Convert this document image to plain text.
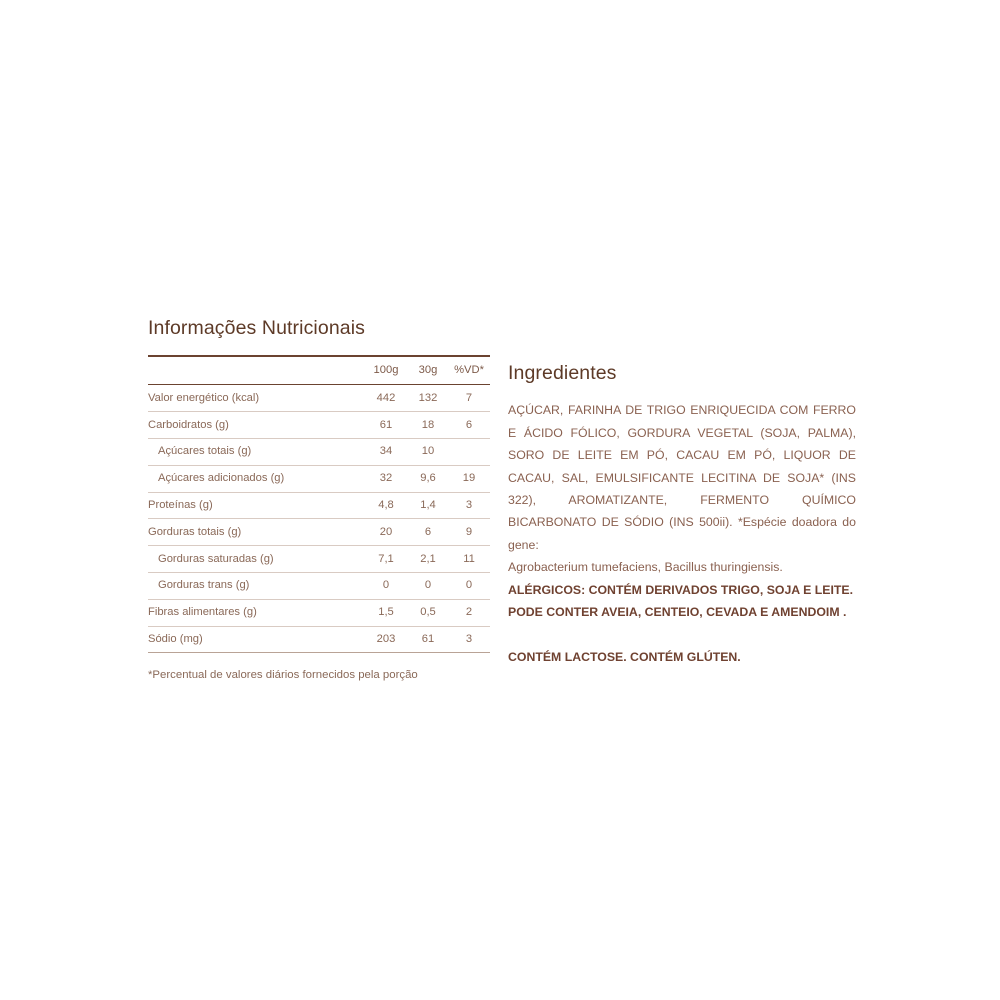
Informações Nutricionais
	100g	30g	%VD*
Valor energético (kcal)	442	132	7
Carboidratos (g)	61	18	6
Açúcares totais (g)	34	10	
Açúcares adicionados (g)	32	9,6	19
Proteínas (g)	4,8	1,4	3
Gorduras totais (g)	20	6	9
Gorduras saturadas (g)	7,1	2,1	11
Gorduras trans (g)	0	0	0
Fibras alimentares (g)	1,5	0,5	2
Sódio (mg)	203	61	3
*Percentual de valores diários fornecidos pela porção
Ingredientes

AÇÚCAR, FARINHA DE TRIGO ENRIQUECIDA COM FERRO E ÁCIDO FÓLICO, GORDURA VEGETAL (SOJA, PALMA), SORO DE LEITE EM PÓ, CACAU EM PÓ, LIQUOR DE CACAU, SAL, EMULSIFICANTE LECITINA DE SOJA* (INS 322), AROMATIZANTE, FERMENTO QUÍMICO BICARBONATO DE SÓDIO (INS 500ii). *Espécie doadora do gene:

Agrobacterium tumefaciens, Bacillus thuringiensis.

ALÉRGICOS: CONTÉM DERIVADOS TRIGO, SOJA E LEITE.

PODE CONTER AVEIA, CENTEIO, CEVADA E AMENDOIM .

CONTÉM LACTOSE. CONTÉM GLÚTEN.
